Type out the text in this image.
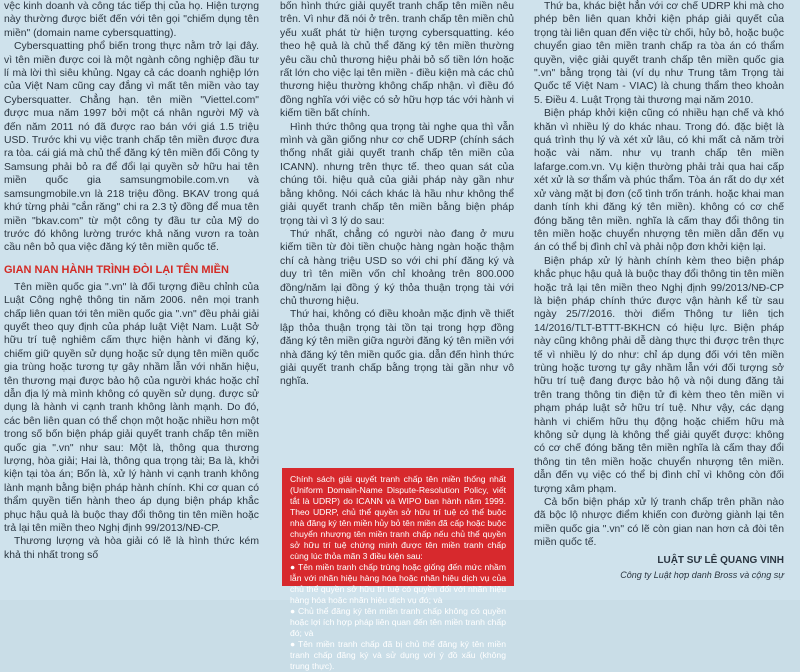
vệc kinh doanh và công tác tiếp thị của họ. Hiện tượng này thường được biết đến với tên gọi "chiếm dụng tên miền" (domain name cybersquatting).

Cybersquatting phổ biến trong thực nằm trở lại đây. vì tên miền được coi là một ngành công nghiệp đầu tư lí mà lời thì siêu khủng. Ngay cả các doanh nghiệp lớn của Việt Nam cũng cay đắng vì mất tên miền vào tay Cybersquatter. Chẳng hạn. tên miền "Viettel.com" được mua năm 1997 bởi một cá nhân người Mỹ và đến năm 2011 nó đã được rao bán với giá 1.5 triệu USD. Trước khi vụ việc tranh chấp tên miền được đưa ra tòa. cái giá mà chủ thể đăng ký tên miền đối Công ty Samsung phải bỏ ra để đổi lại quyền sở hữu hai tên miền quốc gia samsungmobile.com.vn và samsungmobile.vn là 218 triệu đồng. BKAV trong quá khứ từng phải "cắn răng" chi ra 2.3 tỷ đồng để mua tên miền "bkav.com" từ một công ty đầu tư của Mỹ do trước đó không lường trước khả năng vươn ra toàn cầu nên bỏ qua việc đăng ký tên miền quốc tế.

GIAN NAN HÀNH TRÌNH ĐÒI LẠI TÊN MIỀN

Tên miền quốc gia ".vn" là đối tượng điều chỉnh của Luật Công nghệ thông tin năm 2006. nên mọi tranh chấp liên quan tới tên miền quốc gia ".vn" đều phải giải quyết theo quy định của pháp luật Việt Nam. Luật Sở hữu trí tuệ nghiêm cấm thực hiện hành vi đăng ký, chiếm giữ quyền sử dụng hoặc sử dụng tên miền quốc gia trùng hoặc tương tự gây nhầm lẫn với nhãn hiệu, tên thương mại được bảo hộ của người khác hoặc chỉ dẫn địa lý mà mình không có quyền sử dụng. được sử dụng là hành vi cạnh tranh không lành mạnh. Do đó, các bên liên quan có thể chọn một hoặc nhiều hơn một trong số bốn biện pháp giải quyết tranh chấp tên miền quốc gia ".vn" như sau: Một là, thông qua thương lượng, hòa giải; Hai là, thông qua trọng tài; Ba là, khởi kiện tại tòa án; Bốn là, xử lý hành vi cạnh tranh không lành mạnh bằng biện pháp hành chính. Khi cơ quan có thẩm quyền tiến hành theo áp dụng biện pháp khắc phục hậu quả là buộc thay đổi thông tin tên miền hoặc trả lại tên miền theo Nghị định 99/2013/NĐ-CP.

Thương lượng và hòa giải có lẽ là hình thức kém khả thi nhất trong số

bốn hình thức giải quyết tranh chấp tên miền nêu trên. Vì như đã nói ở trên. tranh chấp tên miền chủ yếu xuất phát từ hiện tượng cybersquatting. kéo theo hệ quả là chủ thể đăng ký tên miền thường yêu cầu chủ thương hiệu phải bỏ số tiền lớn hoặc rất lớn cho việc lại tên miền - điều kiện mà các chủ thương hiệu thường không chấp nhận. vì điều đó đồng nghĩa với việc có sở hữu hợp tác với hành vi kiếm tiền bất chính.

Hình thức thông qua trọng tài nghe qua thì vẫn mình và gần giống như cơ chế UDRP (chính sách thống nhất giải quyết tranh chấp tên miền của ICANN). nhưng trên thực tế. theo quan sát của chúng tôi. hiệu quả của giải pháp này gần như bằng không. Nói cách khác là hầu như không thể giải quyết tranh chấp tên miền bằng biện pháp trọng tài vì 3 lý do sau:

Thứ nhất, chẳng có người nào đang ở mưu kiếm tiền từ đòi tiền chuộc hàng ngàn hoặc thậm chí cả hàng triệu USD so với chi phí đăng ký và duy trì tên miền vốn chỉ khoảng trên 800.000 đồng/năm lại đồng ý ký thỏa thuận trọng tài với chủ thương hiệu.

Thứ hai, không có điều khoản mặc định về thiết lập thỏa thuận trọng tài tồn tại trong hợp đồng đăng ký tên miền giữa người đăng ký tên miền với nhà đăng ký tên miền quốc gia. dẫn đến hình thức giải quyết tranh chấp bằng trọng tài gần như vô nghĩa.

Chính sách giải quyết tranh chấp tên miền thống nhất (Uniform Domain-Name Dispute-Resolution Policy, viết tắt là UDRP) do ICANN và WIPO ban hành năm 1999. Theo UDRP, chủ thể quyền sở hữu trí tuệ có thể buộc nhà đăng ký tên miền hủy bỏ tên miền đã cấp hoặc buộc chuyển nhượng tên miền tranh chấp nếu chủ thể quyền sở hữu trí tuệ chứng minh được tên miền tranh chấp cùng lúc thỏa mãn 3 điều kiện sau:

● Tên miền tranh chấp trùng hoặc giống đến mức nhầm lẫn với nhãn hiệu hàng hóa hoặc nhãn hiệu dịch vụ của chủ thể quyền sở hữu trí tuệ có quyền đối với nhãn hiệu hàng hóa hoặc nhãn hiệu dịch vụ đó; và

● Chủ thể đăng ký tên miền tranh chấp không có quyền hoặc lợi ích hợp pháp liên quan đến tên miền tranh chấp đó; và

● Tên miền tranh chấp đã bị chủ thể đăng ký tên miền tranh chấp đăng ký và sử dụng với ý đồ xấu (không trung thực).

Thứ ba, khác biệt hẳn với cơ chế UDRP khi mà cho phép bên liên quan khởi kiện pháp giải quyết của trọng tài liên quan đến việc từ chối, hủy bỏ, hoặc buộc chuyển giao tên miền tranh chấp ra tòa án có thẩm quyền, việc giải quyết tranh chấp tên miền quốc gia ".vn" bằng trọng tài (ví dụ như Trung tâm Trọng tài Quốc tế Việt Nam - VIAC) là chung thẩm theo khoản 5. Điều 4. Luật Trọng tài thương mại năm 2010.

Biện pháp khởi kiện cũng có nhiều hạn chế và khó khăn vì nhiều lý do khác nhau. Trong đó. đặc biệt là quá trình thụ lý và xét xử lâu, có khi mất cả năm trời hoặc vài năm. như vụ tranh chấp tên miền lafarge.com.vn. Vụ kiện thường phải trải qua hai cấp xét xử là sơ thẩm và phúc thẩm. Tòa án rất do dự xét xử vàng mặt bị đơn (cố tình trốn tránh. hoặc khai man danh tính khi đăng ký tên miền). không có cơ chế đóng băng tên miền. nghĩa là cấm thay đổi thông tin tên miền hoặc chuyển nhượng tên miền dẫn đến vụ án có thể bị đình chỉ và phải nộp đơn khởi kiện lại.

Biện pháp xử lý hành chính kèm theo biện pháp khắc phục hậu quả là buộc thay đổi thông tin tên miền hoặc trả lại tên miền theo Nghị định 99/2013/NĐ-CP là biện pháp chính thức được vận hành kể từ sau ngày 25/7/2016. thời điểm Thông tư liên tịch 14/2016/TLT-BTTT-BKHCN có hiệu lực. Biện pháp này cũng không phải dễ dàng thực thi được trên thực tế vì nhiều lý do như: chỉ áp dụng đối với tên miền trùng hoặc tương tự gây nhầm lẫn với đối tượng sở hữu trí tuệ đang được bảo hộ và nội dung đăng tải trên trang thông tin điện tử đi kèm theo tên miền vi phạm pháp luật sở hữu trí tuệ. Như vậy, các dạng hành vi chiếm hữu thụ động hoặc chiếm hữu mà không sử dụng là không thể giải quyết được: không có cơ chế đóng băng tên miền nghĩa là cấm thay đổi thông tin tên miền hoặc chuyển nhượng tên miền. dẫn đến vụ việc có thể bị đình chỉ vì không còn đối tượng xâm phạm.

Cả bốn biện pháp xử lý tranh chấp trên phần nào đã bộc lộ nhược điểm khiến con đường giành lại tên miền quốc gia ".vn" có lẽ còn gian nan hơn cả đòi tên miền quốc tế.

LUẬT SƯ LÊ QUANG VINH
Công ty Luật hợp danh Bross và cộng sự
